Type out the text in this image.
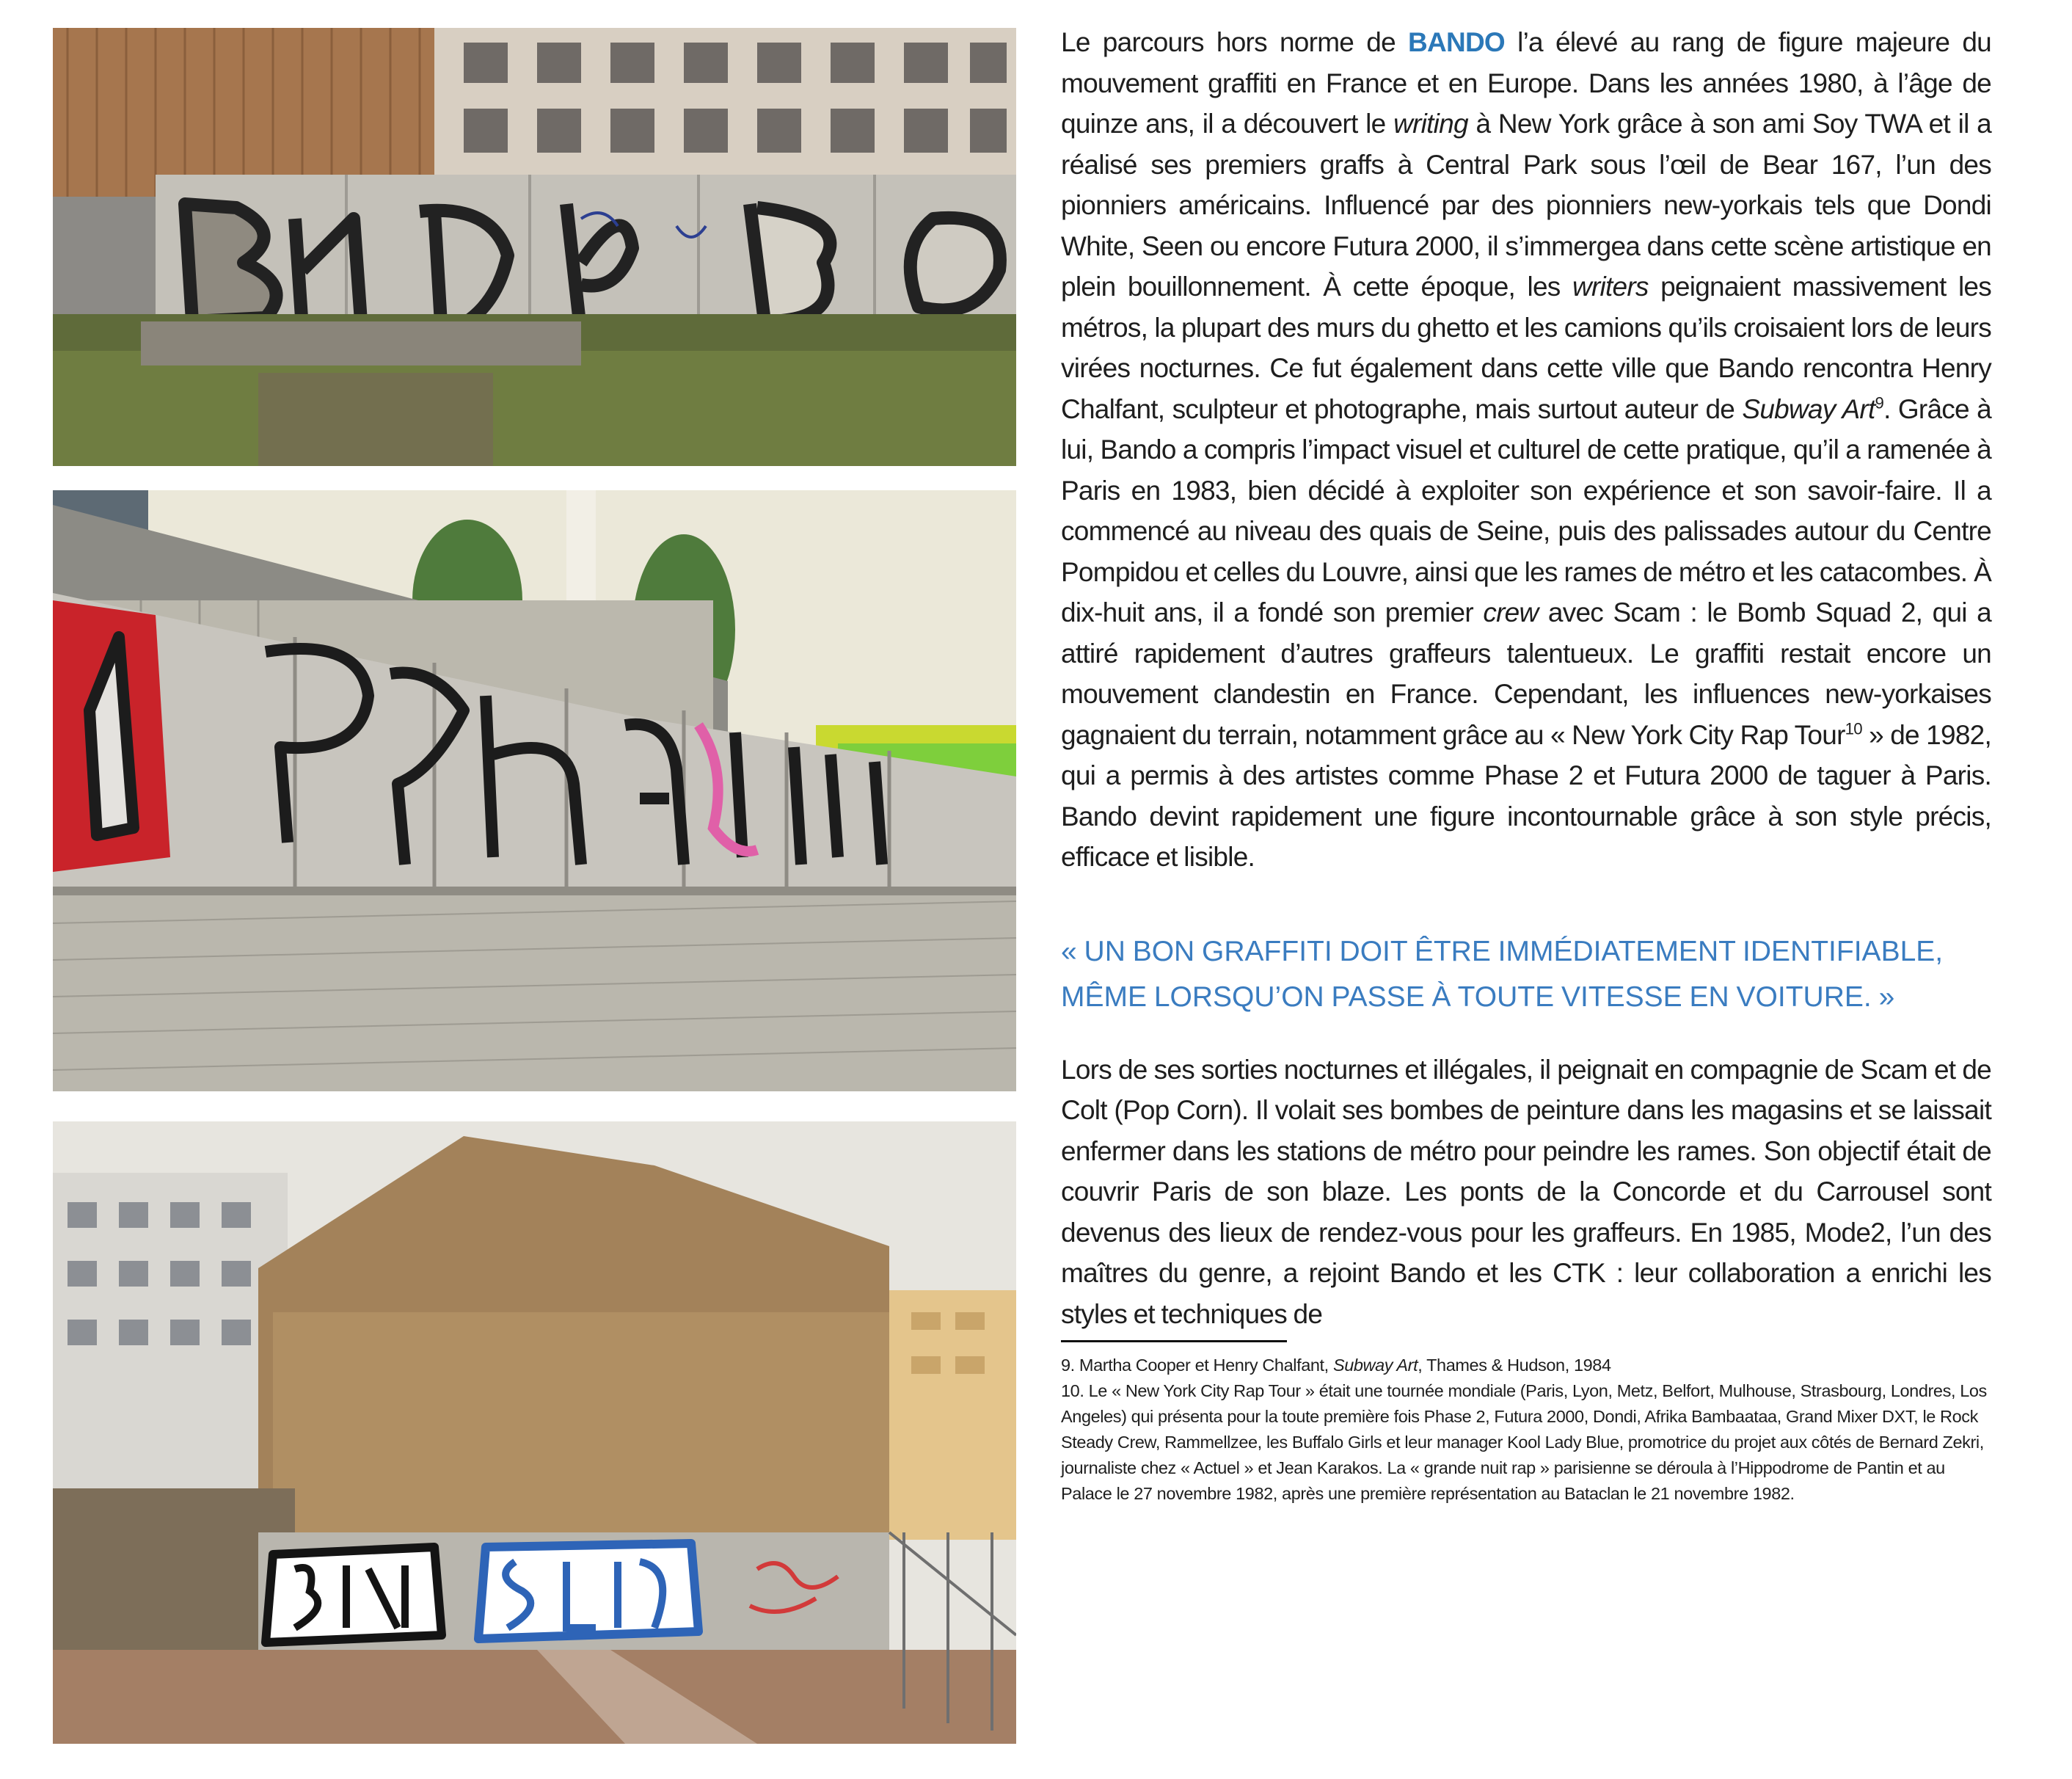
Le parcours hors norme de BANDO l’a élevé au rang de figure majeure du mouvement graffiti en France et en Europe. Dans les années 1980, à l’âge de quinze ans, il a découvert le writing à New York grâce à son ami Soy TWA et il a réalisé ses premiers graffs à Central Park sous l’œil de Bear 167, l’un des pionniers américains. Influencé par des pionniers new-yorkais tels que Dondi White, Seen ou encore Futura 2000, il s’immergea dans cette scène artistique en plein bouillonnement. À cette époque, les writers peignaient massivement les métros, la plupart des murs du ghetto et les camions qu’ils croisaient lors de leurs virées nocturnes. Ce fut également dans cette ville que Bando rencontra Henry Chalfant, sculpteur et photographe, mais surtout auteur de Subway Art$^9$. Grâce à lui, Bando a compris l’impact visuel et culturel de cette pratique, qu’il a ramenée à Paris en 1983, bien décidé à exploiter son expérience et son savoir-faire. Il a commencé au niveau des quais de Seine, puis des palissades autour du Centre Pompidou et celles du Louvre, ainsi que les rames de métro et les catacombes. À dix-huit ans, il a fondé son premier crew avec Scam : le Bomb Squad 2, qui a attiré rapidement d’autres graffeurs talentueux. Le graffiti restait encore un mouvement clandestin en France. Cependant, les influences new-yorkaises gagnaient du terrain, notamment grâce au « New York City Rap Tour$^{10}$ » de 1982, qui a permis à des artistes comme Phase 2 et Futura 2000 de taguer à Paris. Bando devint rapidement une figure incontournable grâce à son style précis, efficace et lisible.

« UN BON GRAFFITI DOIT ÊTRE IMMÉDIATEMENT IDENTIFIABLE, MÊME LORSQU’ON PASSE À TOUTE VITESSE EN VOITURE. »

Lors de ses sorties nocturnes et illégales, il peignait en compagnie de Scam et de Colt (Pop Corn). Il volait ses bombes de peinture dans les magasins et se laissait enfermer dans les stations de métro pour peindre les rames. Son objectif était de couvrir Paris de son blaze. Les ponts de la Concorde et du Carrousel sont devenus des lieux de rendez-vous pour les graffeurs. En 1985, Mode2, l’un des maîtres du genre, a rejoint Bando et les CTK : leur collaboration a enrichi les styles et techniques de

9. Martha Cooper et Henry Chalfant, Subway Art, Thames & Hudson, 1984

10. Le « New York City Rap Tour » était une tournée mondiale (Paris, Lyon, Metz, Belfort, Mulhouse, Strasbourg, Londres, Los Angeles) qui présenta pour la toute première fois Phase 2, Futura 2000, Dondi, Afrika Bambaataa, Grand Mixer DXT, le Rock Steady Crew, Rammellzee, les Buffalo Girls et leur manager Kool Lady Blue, promotrice du projet aux côtés de Bernard Zekri, journaliste chez « Actuel » et Jean Karakos. La « grande nuit rap » parisienne se déroula à l’Hippodrome de Pantin et au Palace le 27 novembre 1982, après une première représentation au Bataclan le 21 novembre 1982.
